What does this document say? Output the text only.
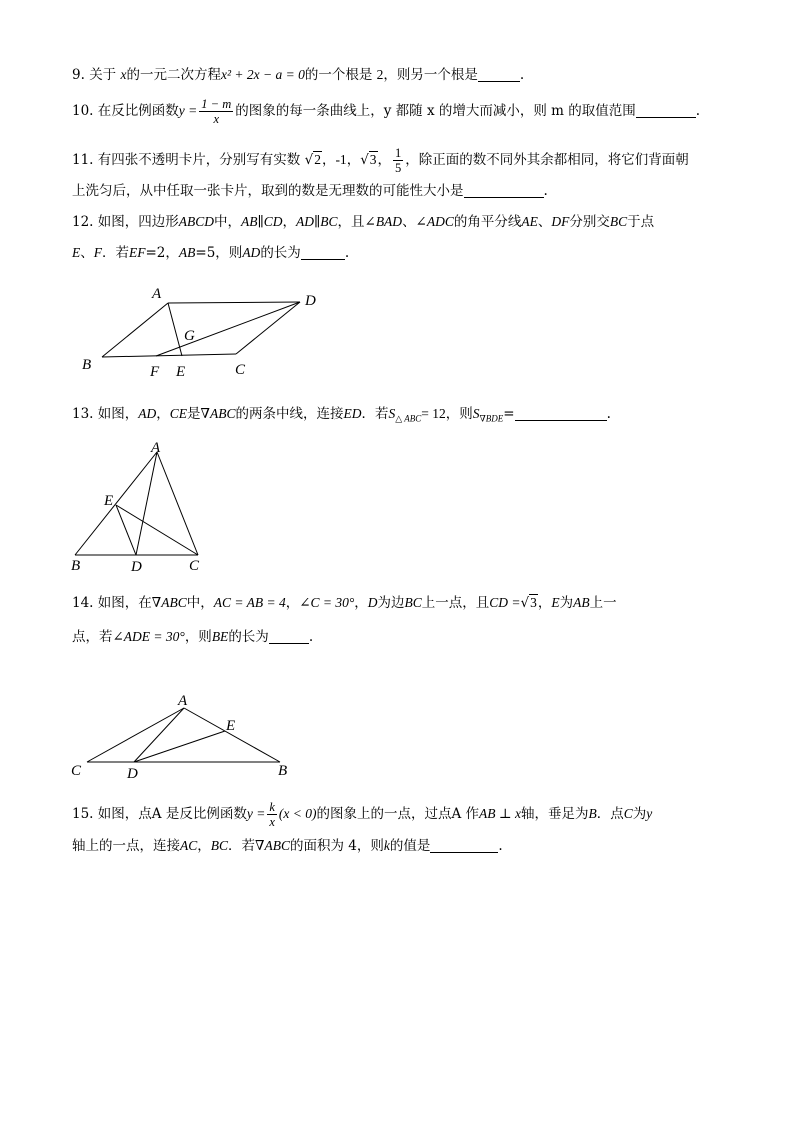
9. 关于 x的一元二次方程x² + 2x − a = 0的一个根是 2，则另一个根是	.
10. 在反比例函数$y = \frac{1 - m}{x}$ 的图象的每一条曲线上，y 都随 x 的增大而减小，则 m 的取值范围	.
11. 有四张不透明卡片，分别写有实数 √2，-1，√3， $\frac{1}{5}$ ，除正面的数不同外其余都相同，将它们背面朝
上洗匀后，从中任取一张卡片，取到的数是无理数的可能性大小是	.
12. 如图，四边形ABCD中，AB∥CD，AD∥BC，且∠BAD、∠ADC的角平分线AE、DF分别交BC于点
E、F．若EF=2，AB=5，则AD的长为	.
A	D
G
B	F E	C
13. 如图，AD，CE是∇ABC的两条中线，连接ED．若$S_{\triangle ABC}= 12$，则$S_{\nabla BDE}=$	.
A
E
B	D	C
14. 如图，在∇ABC中，AC = AB = 4，∠C = 30°，D为边BC上一点，且CD =√3，E为AB上一
点，若∠ADE = 30°，则BE的长为	.
A
E
C	D	B
15. 如图，点A 是反比例函数$y = \frac{k}{x} (x < 0)$的图象上的一点，过点A 作AB ⊥ x轴，垂足为B．点C为y
轴上的一点，连接AC，BC．若∇ABC的面积为 4，则k的值是	.
